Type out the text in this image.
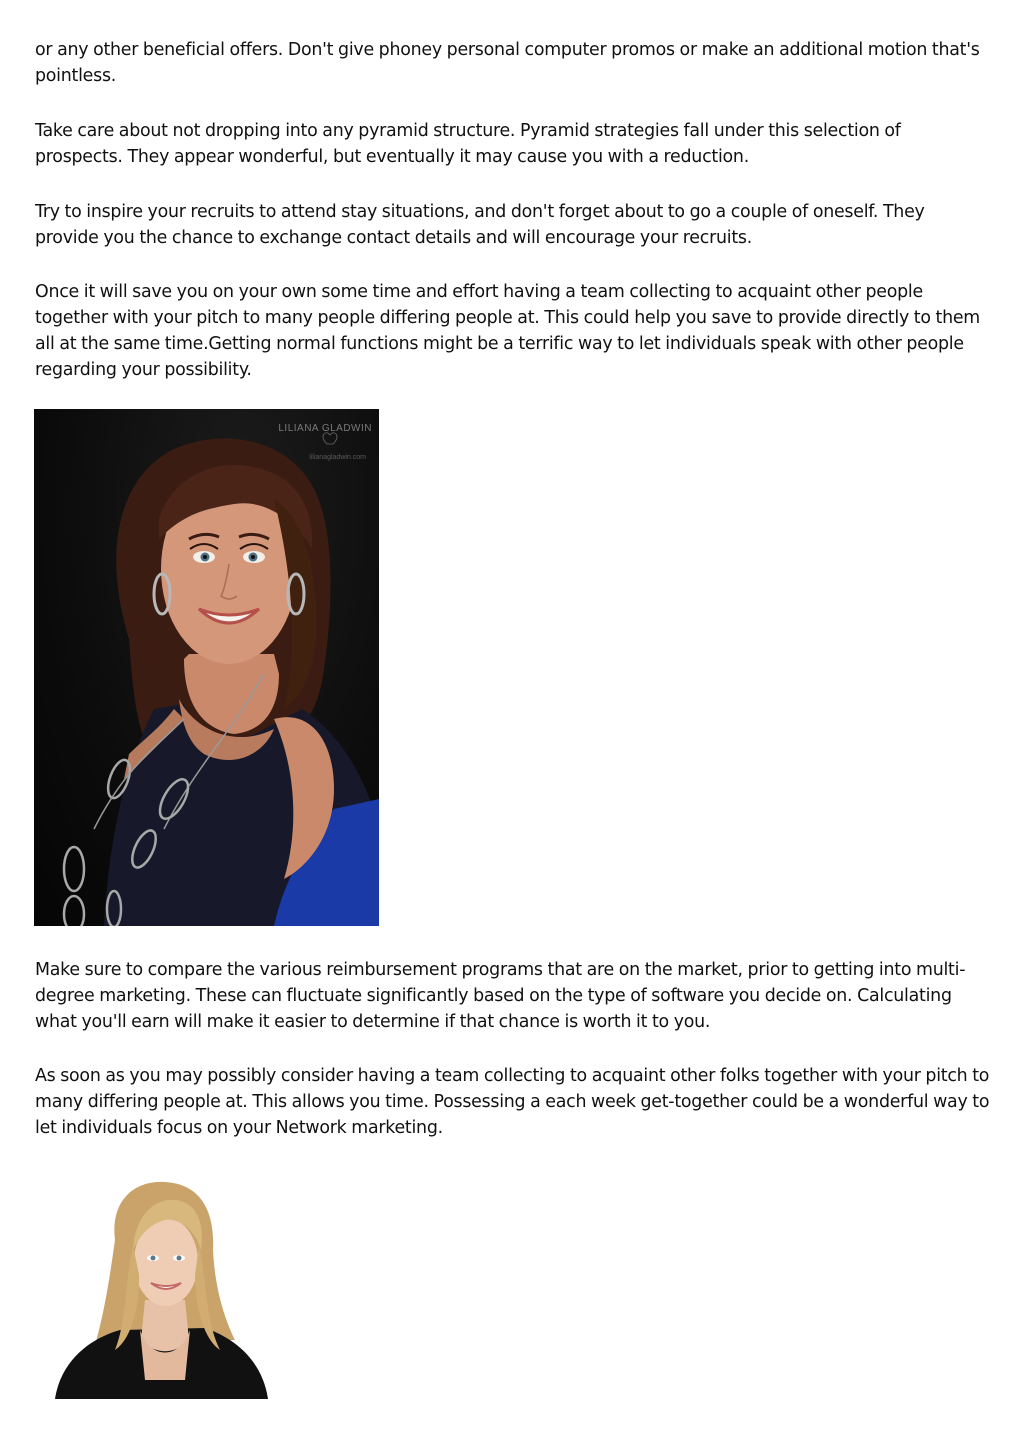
or any other beneficial offers. Don't give phoney personal computer promos or make an additional motion that's pointless.

Take care about not dropping into any pyramid structure. Pyramid strategies fall under this selection of prospects. They appear wonderful, but eventually it may cause you with a reduction.

Try to inspire your recruits to attend stay situations, and don't forget about to go a couple of oneself. They provide you the chance to exchange contact details and will encourage your recruits.

Once it will save you on your own some time and effort having a team collecting to acquaint other people together with your pitch to many people differing people at. This could help you save to provide directly to them all at the same time.Getting normal functions might be a terrific way to let individuals speak with other people regarding your possibility.

LILIANA GLADWIN
lilianagladwin.com

Make sure to compare the various reimbursement programs that are on the market, prior to getting into multi-degree marketing. These can fluctuate significantly based on the type of software you decide on. Calculating what you'll earn will make it easier to determine if that chance is worth it to you.

As soon as you may possibly consider having a team collecting to acquaint other folks together with your pitch to many differing people at. This allows you time. Possessing a each week get-together could be a wonderful way to let individuals focus on your Network marketing.
